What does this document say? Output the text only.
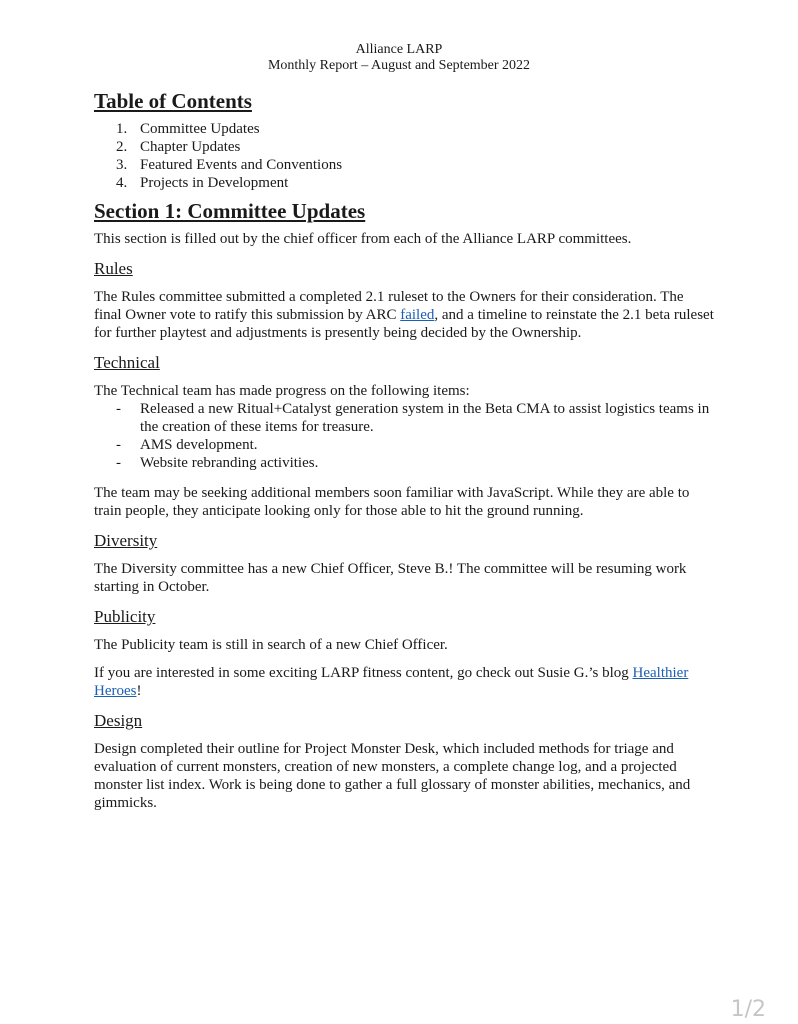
Alliance LARP
Monthly Report – August and September 2022
Table of Contents
1. Committee Updates
2. Chapter Updates
3. Featured Events and Conventions
4. Projects in Development
Section 1: Committee Updates

This section is filled out by the chief officer from each of the Alliance LARP committees.

Rules

The Rules committee submitted a completed 2.1 ruleset to the Owners for their consideration. The final Owner vote to ratify this submission by ARC failed, and a timeline to reinstate the 2.1 beta ruleset for further playtest and adjustments is presently being decided by the Ownership.

Technical

The Technical team has made progress on the following items:

- Released a new Ritual+Catalyst generation system in the Beta CMA to assist logistics teams in the creation of these items for treasure.
- AMS development.
- Website rebranding activities.

The team may be seeking additional members soon familiar with JavaScript. While they are able to train people, they anticipate looking only for those able to hit the ground running.

Diversity

The Diversity committee has a new Chief Officer, Steve B.! The committee will be resuming work starting in October.

Publicity

The Publicity team is still in search of a new Chief Officer.

If you are interested in some exciting LARP fitness content, go check out Susie G.’s blog Healthier Heroes!

Design

Design completed their outline for Project Monster Desk, which included methods for triage and evaluation of current monsters, creation of new monsters, a complete change log, and a projected monster list index. Work is being done to gather a full glossary of monster abilities, mechanics, and gimmicks.

1/2
